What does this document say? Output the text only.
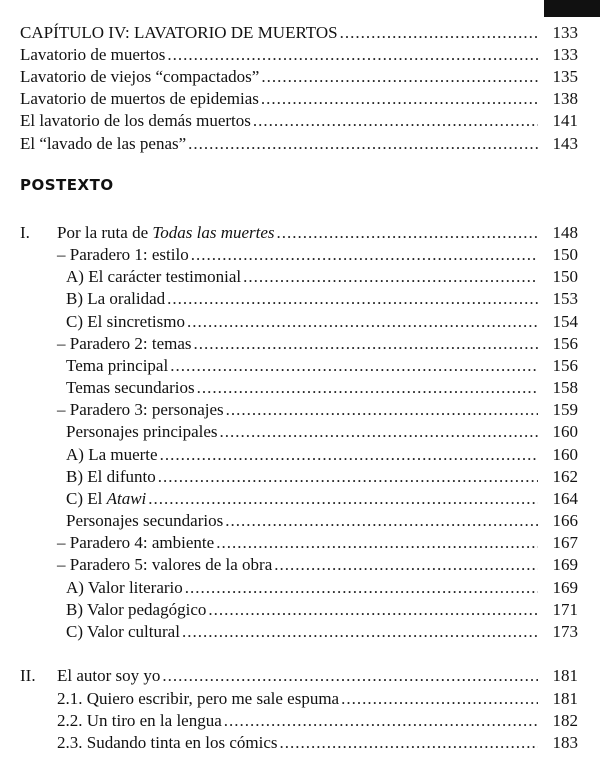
CAPÍTULO IV: LAVATORIO DE MUERTOS .....	133
Lavatorio de muertos .....	133
Lavatorio de viejos “compactados” .....	135
Lavatorio de muertos de epidemias .....	138
El lavatorio de los demás muertos .....	141
El “lavado de las penas” .....	143
POSTEXTO
I. Por la ruta de Todas las muertes .....	148
– Paradero 1: estilo .....	150
A) El carácter testimonial .....	150
B) La oralidad .....	153
C) El sincretismo .....	154
– Paradero 2: temas .....	156
Tema principal .....	156
Temas secundarios .....	158
– Paradero 3: personajes .....	159
Personajes principales .....	160
A) La muerte .....	160
B) El difunto .....	162
C) El Atawi .....	164
Personajes secundarios .....	166
– Paradero 4: ambiente .....	167
– Paradero 5: valores de la obra .....	169
A) Valor literario .....	169
B) Valor pedagógico .....	171
C) Valor cultural .....	173
II. El autor soy yo .....	181
2.1. Quiero escribir, pero me sale espuma .....	181
2.2. Un tiro en la lengua .....	182
2.3. Sudando tinta en los cómics .....	183
